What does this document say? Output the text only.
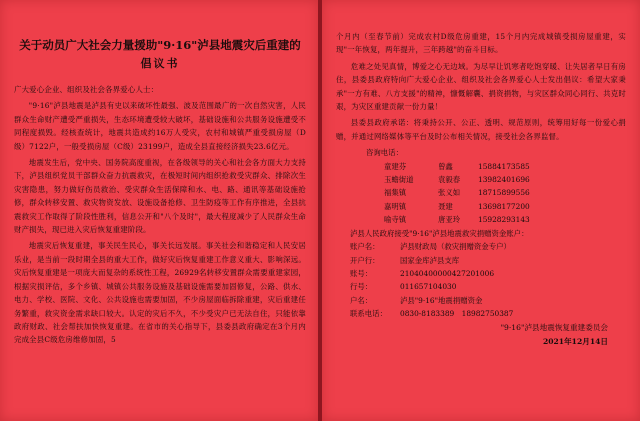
关于动员广大社会力量援助"9·16"泸县地震灾后重建的
倡议书

广大爱心企业、组织及社会各界爱心人士：

"9·16"泸县地震是泸县有史以来破坏性最强、波及范围最广的一次自然灾害，人民群众生命财产遭受严重损失，生态环境遭受较大破坏，基础设施和公共服务设施遭受不同程度损毁。经核查统计，地震共造成约16万人受灾，农村和城镇严重受损房屋（D级）7122户，一般受损房屋（C级）23199户，造成全县直接经济损失23.6亿元。

地震发生后，党中央、国务院高度重视，在各级领导的关心和社会各方面大力支持下，泸县组织党员干部群众奋力抗震救灾，在极短时间内组织抢救受灾群众、排除次生灾害隐患，努力做好伤员救治、受灾群众生活保障和水、电、路、通讯等基础设施抢修，群众转移安置、救灾物资发放、设施设备抢修、卫生防疫等工作有序推进，全县抗震救灾工作取得了阶段性胜利，信息公开和"八个及时"，最大程度减少了人民群众生命财产损失，现已进入灾后恢复重建阶段。

地震灾后恢复重建，事关民生民心，事关长远发展。事关社会和谐稳定和人民安居乐业，是当前一段时期全县的重大工作，做好灾后恢复重建工作意义重大、影响深远。灾后恢复重建是一项庞大而复杂的系统性工程，26929名转移安置群众需要重建家园，根据灾损评估，多个乡镇、城镇公共服务设施及基础设施需要加固修复，公路、供水、电力、学校、医院、文化、公共设施也需要加固，不少房屋面临拆除重建，灾后重建任务繁重，救灾资金需求缺口较大。认定的灾后不久，不少受灾户已无法自住，只能依靠政府财政、社会帮扶加快恢复重建。在省市的关心指导下，县委县政府确定在3个月内完成全县C级危房维修加固，5

个月内（至春节前）完成农村D级危房重建，15个月内完成城镇受损房屋重建，实现"一年恢复，两年提升，三年跨越"的奋斗目标。

危难之处见真情，博爱之心无边域。为尽早让饥寒者吃饱穿暖、让失居者早日有房住，县委县政府特向广大爱心企业、组织及社会各界爱心人士发出倡议：希望大家秉承"一方有难、八方支援"的精神，慷慨解囊、捐资捐物，与灾区群众同心同行、共克时艰，为灾区重建贡献一份力量！

县委县政府承诺：将秉持公开、公正、透明、规范原则，统筹用好每一份爱心捐赠，并通过网络媒体等平台及时公布相关情况，接受社会各界监督。

咨询电话：
童建芬	曾鑫	15884173585
玉蟾街道	袁毅春	13982401696
福集镇	张义如	18715899556
嘉明镇	聂建	13698177200
喻寺镇	唐亚玲	15928293143
泸县人民政府接受"9·16"泸县地震救灾捐赠资金账户：
账户名：	泸县财政局（救灾捐赠资金专户）
开户行：	国家金库泸县支库
账号：	21040400000427201006
行号：	011657104030
户名：	泸县"9·16"地震捐赠资金
联系电话：	0830-8183389　18982750387
"9·16"泸县地震恢复重建委员会
2021年12月14日
